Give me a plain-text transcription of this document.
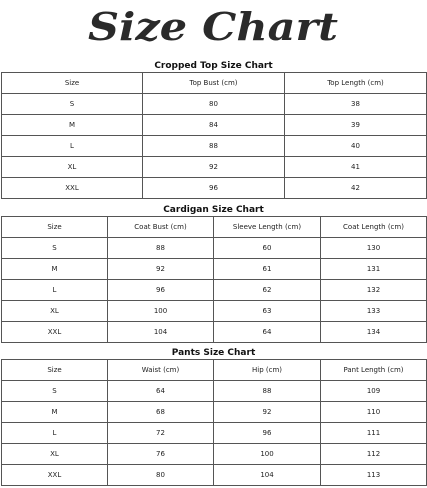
Size Chart
Cropped Top Size Chart
Size	Top Bust (cm)	Top Length (cm)
S	80	38
M	84	39
L	88	40
XL	92	41
XXL	96	42
Cardigan Size Chart
Size	Coat Bust (cm)	Sleeve Length (cm)	Coat Length (cm)
S	88	60	130
M	92	61	131
L	96	62	132
XL	100	63	133
XXL	104	64	134
Pants Size Chart
Size	Waist (cm)	Hip (cm)	Pant Length (cm)
S	64	88	109
M	68	92	110
L	72	96	111
XL	76	100	112
XXL	80	104	113
